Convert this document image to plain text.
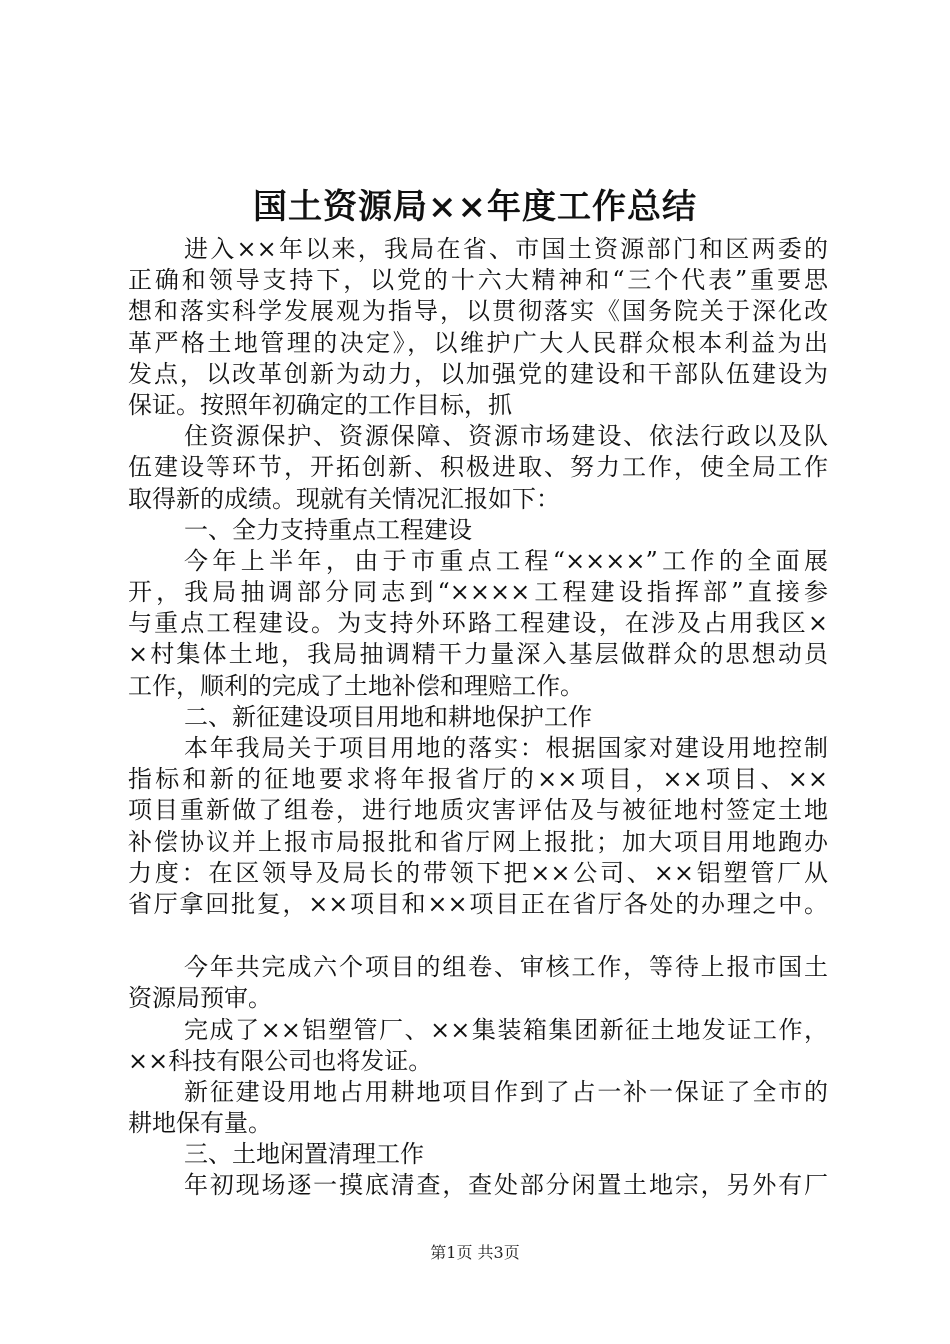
国土资源局××年度工作总结
进入××年以来，我局在省、市国土资源部门和区两委的
正确和领导支持下，以党的十六大精神和“三个代表”重要思
想和落实科学发展观为指导，以贯彻落实《国务院关于深化改
革严格土地管理的决定》，以维护广大人民群众根本利益为出
发点，以改革创新为动力，以加强党的建设和干部队伍建设为
保证。按照年初确定的工作目标，抓
住资源保护、资源保障、资源市场建设、依法行政以及队
伍建设等环节，开拓创新、积极进取、努力工作，使全局工作
取得新的成绩。现就有关情况汇报如下：
一、全力支持重点工程建设
今年上半年，由于市重点工程“××××”工作的全面展
开，我局抽调部分同志到“××××工程建设指挥部”直接参
与重点工程建设。为支持外环路工程建设，在涉及占用我区×
×村集体土地，我局抽调精干力量深入基层做群众的思想动员
工作，顺利的完成了土地补偿和理赔工作。
二、新征建设项目用地和耕地保护工作
本年我局关于项目用地的落实：根据国家对建设用地控制
指标和新的征地要求将年报省厅的××项目，××项目、××
项目重新做了组卷，进行地质灾害评估及与被征地村签定土地
补偿协议并上报市局报批和省厅网上报批；加大项目用地跑办
力度：在区领导及局长的带领下把××公司、××铝塑管厂从
省厅拿回批复，××项目和××项目正在省厅各处的办理之中。
今年共完成六个项目的组卷、审核工作，等待上报市国土
资源局预审。
完成了××铝塑管厂、××集装箱集团新征土地发证工作，
××科技有限公司也将发证。
新征建设用地占用耕地项目作到了占一补一保证了全市的
耕地保有量。
三、土地闲置清理工作
年初现场逐一摸底清查，查处部分闲置土地宗，另外有厂
第1页 共3页
